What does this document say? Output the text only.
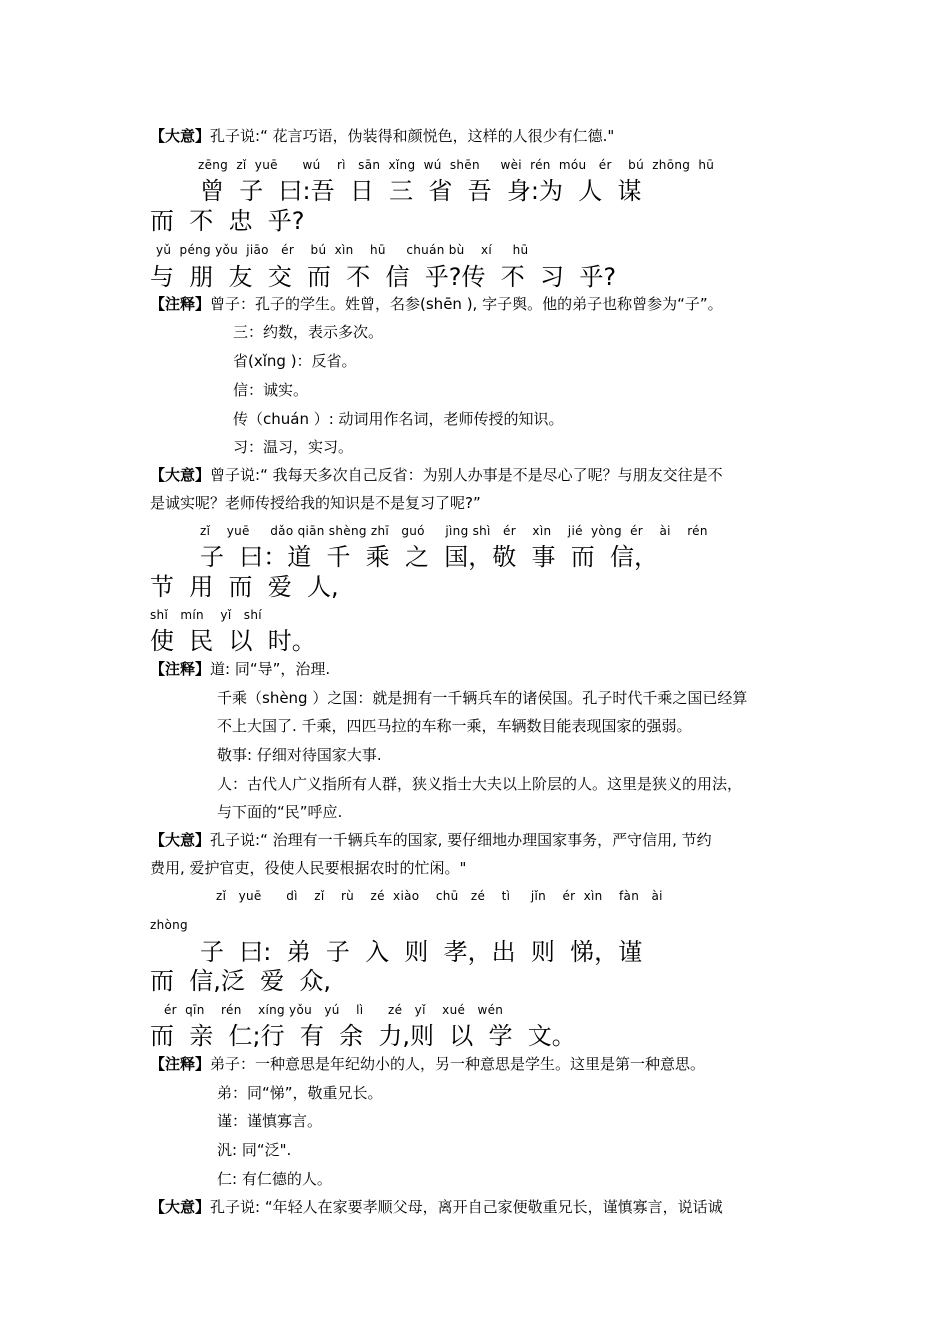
【大意】孔子说:“ 花言巧语，伪装得和颜悦色，这样的人很少有仁德."
zēng  zǐ  yuē      wú    rì   sān  xǐng  wú  shēn     wèi  rén  móu   ér    bú  zhōng  hū
曾  子  曰:吾  日  三  省  吾  身:为  人  谋
而  不  忠  乎?
yǔ  péng yǒu  jiāo   ér    bú  xìn    hū     chuán bù    xí     hū
与  朋  友  交  而  不  信  乎?传  不  习  乎?
【注释】曾子：孔子的学生。姓曾，名参(shēn ), 字子舆。他的弟子也称曾参为“子”。
三：约数，表示多次。
省(xǐng )：反省。
信：诚实。
传（chuán ）: 动词用作名词，老师传授的知识。
习：温习，实习。
【大意】曾子说:“ 我每天多次自己反省：为别人办事是不是尽心了呢？与朋友交往是不
是诚实呢？老师传授给我的知识是不是复习了呢?”
zǐ    yuē     dǎo qiān shèng zhī   guó     jìng shì   ér    xìn    jié  yòng  ér    ài    rén
子  曰：道  千  乘  之  国，敬  事  而  信，
节  用  而  爱  人,
shǐ   mín    yǐ   shí
使  民  以  时。
【注释】道: 同“导”，治理.
千乘（shèng ）之国：就是拥有一千辆兵车的诸侯国。孔子时代千乘之国已经算
不上大国了. 千乘，四匹马拉的车称一乘，车辆数目能表现国家的强弱。
敬事: 仔细对待国家大事.
人：古代人广义指所有人群，狭义指士大夫以上阶层的人。这里是狭义的用法，
与下面的“民”呼应.
【大意】孔子说:“ 治理有一千辆兵车的国家, 要仔细地办理国家事务，严守信用, 节约
费用, 爱护官吏，役使人民要根据农时的忙闲。"
zǐ   yuē      dì    zǐ    rù    zé  xiào    chū   zé    tì     jǐn    ér  xìn    fàn   ài
zhòng
子  曰:  弟  子  入  则  孝，出  则  悌，谨
而  信,泛  爱  众,
ér  qīn    rén    xíng yǒu   yú    lì      zé   yǐ    xué   wén
而  亲  仁;行  有  余  力,则  以  学  文。
【注释】弟子：一种意思是年纪幼小的人，另一种意思是学生。这里是第一种意思。
弟：同“悌”，敬重兄长。
谨：谨慎寡言。
汎: 同“泛".
仁: 有仁德的人。
【大意】孔子说: “年轻人在家要孝顺父母，离开自己家便敬重兄长，谨慎寡言，说话诚
